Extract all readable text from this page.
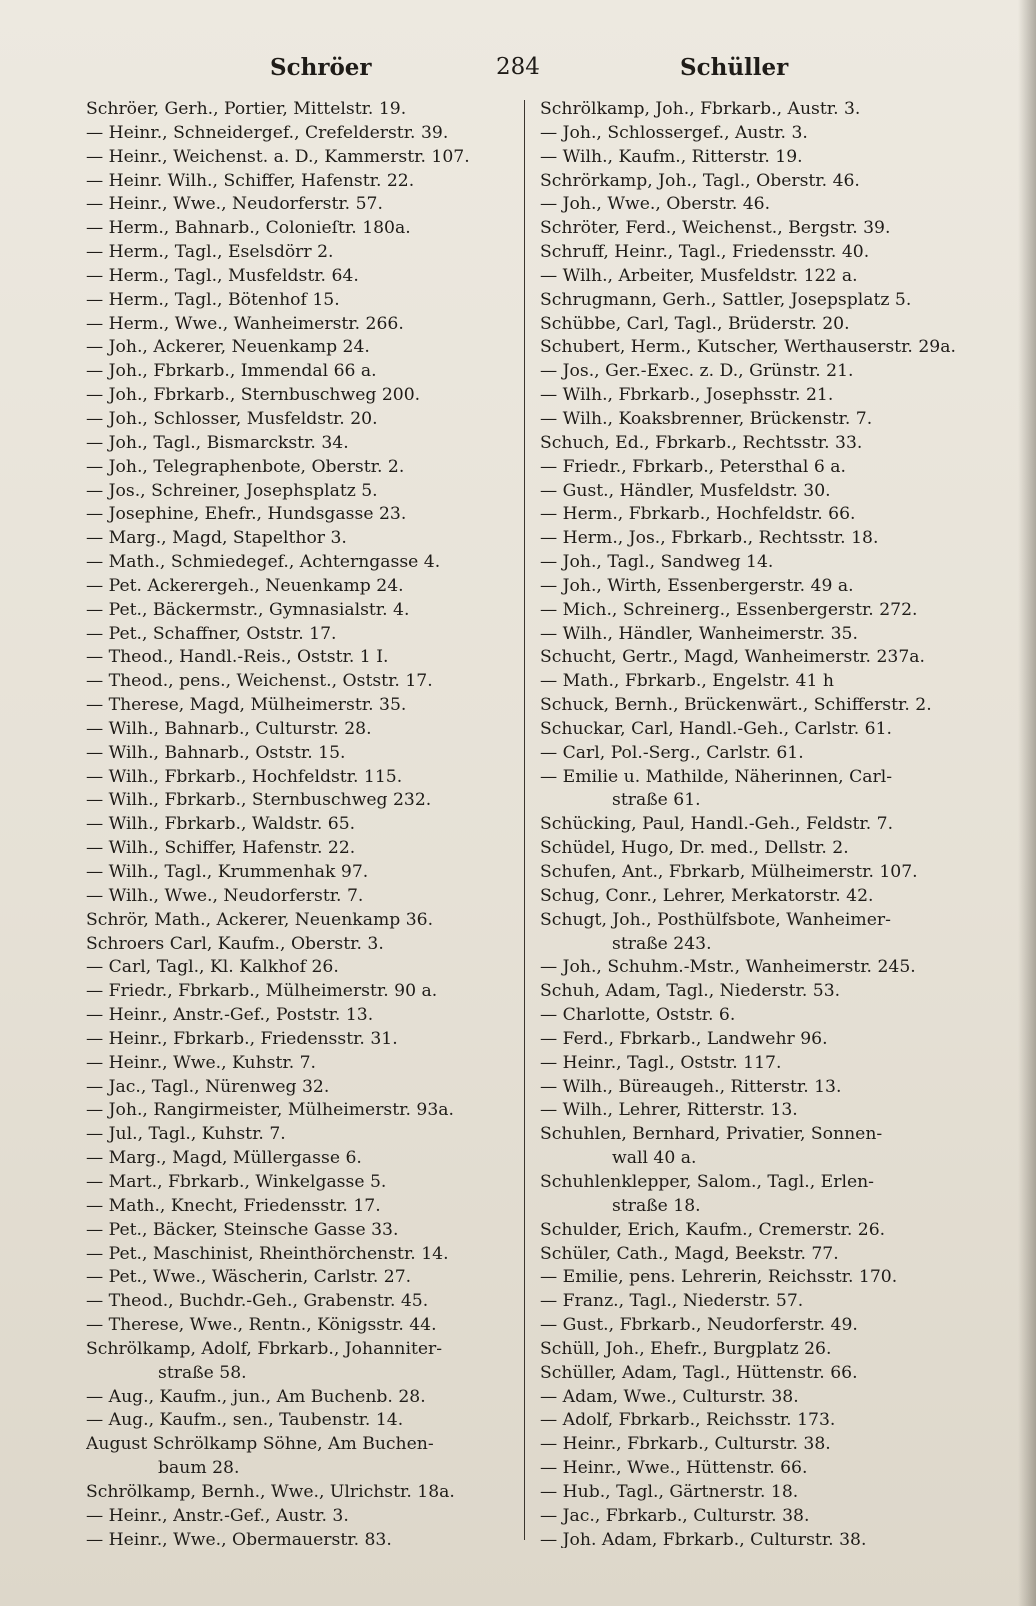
Schröer	284	Schüller
Schröer, Gerh., Portier, Mittelstr. 19.
— Heinr., Schneidergef., Crefelderstr. 39.
— Heinr., Weichenst. a. D., Kammerstr. 107.
— Heinr. Wilh., Schiffer, Hafenstr. 22.
— Heinr., Wwe., Neudorferstr. 57.
— Herm., Bahnarb., Colonieſtr. 180a.
— Herm., Tagl., Eselsdörr 2.
— Herm., Tagl., Musfeldstr. 64.
— Herm., Tagl., Bötenhof 15.
— Herm., Wwe., Wanheimerstr. 266.
— Joh., Ackerer, Neuenkamp 24.
— Joh., Fbrkarb., Immendal 66 a.
— Joh., Fbrkarb., Sternbuschweg 200.
— Joh., Schlosser, Musfeldstr. 20.
— Joh., Tagl., Bismarckstr. 34.
— Joh., Telegraphenbote, Oberstr. 2.
— Jos., Schreiner, Josephsplatz 5.
— Josephine, Ehefr., Hundsgasse 23.
— Marg., Magd, Stapelthor 3.
— Math., Schmiedegef., Achterngasse 4.
— Pet. Ackerergeh., Neuenkamp 24.
— Pet., Bäckermstr., Gymnasialstr. 4.
— Pet., Schaffner, Oststr. 17.
— Theod., Handl.-Reis., Oststr. 1 I.
— Theod., pens., Weichenst., Oststr. 17.
— Therese, Magd, Mülheimerstr. 35.
— Wilh., Bahnarb., Culturstr. 28.
— Wilh., Bahnarb., Oststr. 15.
— Wilh., Fbrkarb., Hochfeldstr. 115.
— Wilh., Fbrkarb., Sternbuschweg 232.
— Wilh., Fbrkarb., Waldstr. 65.
— Wilh., Schiffer, Hafenstr. 22.
— Wilh., Tagl., Krummenhak 97.
— Wilh., Wwe., Neudorferstr. 7.
Schrör, Math., Ackerer, Neuenkamp 36.
Schroers Carl, Kaufm., Oberstr. 3.
— Carl, Tagl., Kl. Kalkhof 26.
— Friedr., Fbrkarb., Mülheimerstr. 90 a.
— Heinr., Anstr.-Gef., Poststr. 13.
— Heinr., Fbrkarb., Friedensstr. 31.
— Heinr., Wwe., Kuhstr. 7.
— Jac., Tagl., Nürenweg 32.
— Joh., Rangirmeister, Mülheimerstr. 93a.
— Jul., Tagl., Kuhstr. 7.
— Marg., Magd, Müllergasse 6.
— Mart., Fbrkarb., Winkelgasse 5.
— Math., Knecht, Friedensstr. 17.
— Pet., Bäcker, Steinsche Gasse 33.
— Pet., Maschinist, Rheinthörchenstr. 14.
— Pet., Wwe., Wäscherin, Carlstr. 27.
— Theod., Buchdr.-Geh., Grabenstr. 45.
— Therese, Wwe., Rentn., Königsstr. 44.
Schrölkamp, Adolf, Fbrkarb., Johanniter-
straße 58.
— Aug., Kaufm., jun., Am Buchenb. 28.
— Aug., Kaufm., sen., Taubenstr. 14.
August Schrölkamp Söhne, Am Buchen-
baum 28.
Schrölkamp, Bernh., Wwe., Ulrichstr. 18a.
— Heinr., Anstr.-Gef., Austr. 3.
— Heinr., Wwe., Obermauerstr. 83.
Schrölkamp, Joh., Fbrkarb., Austr. 3.
— Joh., Schlossergef., Austr. 3.
— Wilh., Kaufm., Ritterstr. 19.
Schrörkamp, Joh., Tagl., Oberstr. 46.
— Joh., Wwe., Oberstr. 46.
Schröter, Ferd., Weichenst., Bergstr. 39.
Schruff, Heinr., Tagl., Friedensstr. 40.
— Wilh., Arbeiter, Musfeldstr. 122 a.
Schrugmann, Gerh., Sattler, Josepsplatz 5.
Schübbe, Carl, Tagl., Brüderstr. 20.
Schubert, Herm., Kutscher, Werthauserstr. 29a.
— Jos., Ger.-Exec. z. D., Grünstr. 21.
— Wilh., Fbrkarb., Josephsstr. 21.
— Wilh., Koaksbrenner, Brückenstr. 7.
Schuch, Ed., Fbrkarb., Rechtsstr. 33.
— Friedr., Fbrkarb., Petersthal 6 a.
— Gust., Händler, Musfeldstr. 30.
— Herm., Fbrkarb., Hochfeldstr. 66.
— Herm., Jos., Fbrkarb., Rechtsstr. 18.
— Joh., Tagl., Sandweg 14.
— Joh., Wirth, Essenbergerstr. 49 a.
— Mich., Schreinerg., Essenbergerstr. 272.
— Wilh., Händler, Wanheimerstr. 35.
Schucht, Gertr., Magd, Wanheimerstr. 237a.
— Math., Fbrkarb., Engelstr. 41 h
Schuck, Bernh., Brückenwärt., Schifferstr. 2.
Schuckar, Carl, Handl.-Geh., Carlstr. 61.
— Carl, Pol.-Serg., Carlstr. 61.
— Emilie u. Mathilde, Näherinnen, Carl-
straße 61.
Schücking, Paul, Handl.-Geh., Feldstr. 7.
Schüdel, Hugo, Dr. med., Dellstr. 2.
Schufen, Ant., Fbrkarb, Mülheimerstr. 107.
Schug, Conr., Lehrer, Merkatorstr. 42.
Schugt, Joh., Posthülfsbote, Wanheimer-
straße 243.
— Joh., Schuhm.-Mstr., Wanheimerstr. 245.
Schuh, Adam, Tagl., Niederstr. 53.
— Charlotte, Oststr. 6.
— Ferd., Fbrkarb., Landwehr 96.
— Heinr., Tagl., Oststr. 117.
— Wilh., Büreaugeh., Ritterstr. 13.
— Wilh., Lehrer, Ritterstr. 13.
Schuhlen, Bernhard, Privatier, Sonnen-
wall 40 a.
Schuhlenklepper, Salom., Tagl., Erlen-
straße 18.
Schulder, Erich, Kaufm., Cremerstr. 26.
Schüler, Cath., Magd, Beekstr. 77.
— Emilie, pens. Lehrerin, Reichsstr. 170.
— Franz., Tagl., Niederstr. 57.
— Gust., Fbrkarb., Neudorferstr. 49.
Schüll, Joh., Ehefr., Burgplatz 26.
Schüller, Adam, Tagl., Hüttenstr. 66.
— Adam, Wwe., Culturstr. 38.
— Adolf, Fbrkarb., Reichsstr. 173.
— Heinr., Fbrkarb., Culturstr. 38.
— Heinr., Wwe., Hüttenstr. 66.
— Hub., Tagl., Gärtnerstr. 18.
— Jac., Fbrkarb., Culturstr. 38.
— Joh. Adam, Fbrkarb., Culturstr. 38.
